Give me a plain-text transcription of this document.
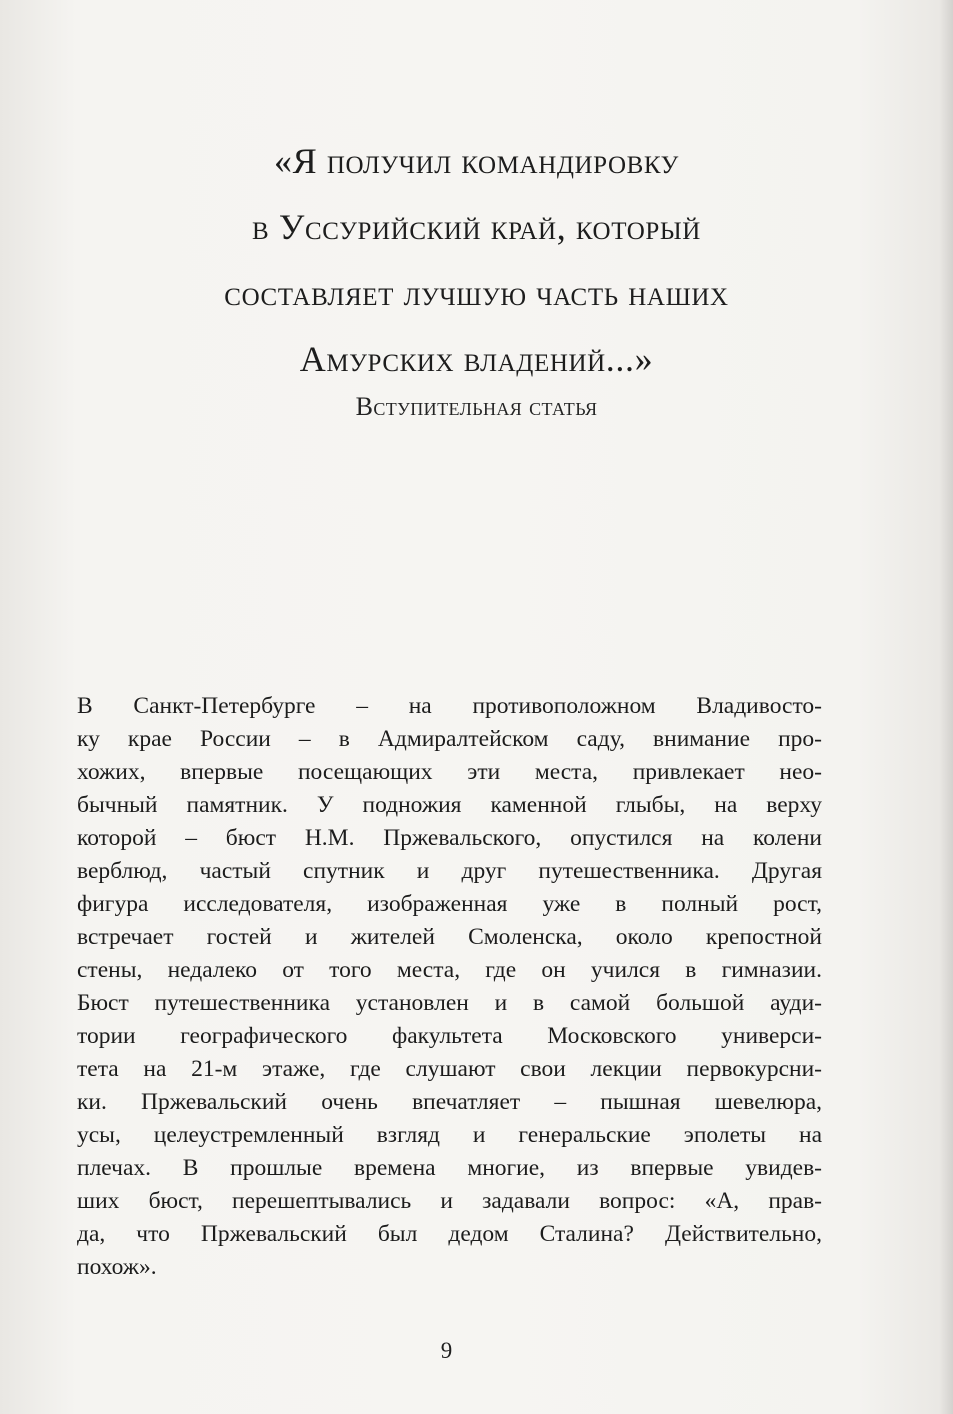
«Я получил командировку
в Уссурийский край, который
составляет лучшую часть наших
Амурских владений...»
Вступительная статья
В Санкт-Петербурге – на противоположном Владивосто-
ку крае России – в Адмиралтейском саду, внимание про-
хожих, впервые посещающих эти места, привлекает нео-
бычный памятник. У подножия каменной глыбы, на верху
которой – бюст Н.М. Пржевальского, опустился на колени
верблюд, частый спутник и друг путешественника. Другая
фигура исследователя, изображенная уже в полный рост,
встречает гостей и жителей Смоленска, около крепостной
стены, недалеко от того места, где он учился в гимназии.
Бюст путешественника установлен и в самой большой ауди-
тории географического факультета Московского универси-
тета на 21-м этаже, где слушают свои лекции первокурсни-
ки. Пржевальский очень впечатляет – пышная шевелюра,
усы, целеустремленный взгляд и генеральские эполеты на
плечах. В прошлые времена многие, из впервые увидев-
ших бюст, перешептывались и задавали вопрос: «А, прав-
да, что Пржевальский был дедом Сталина? Действительно,
похож».
9
